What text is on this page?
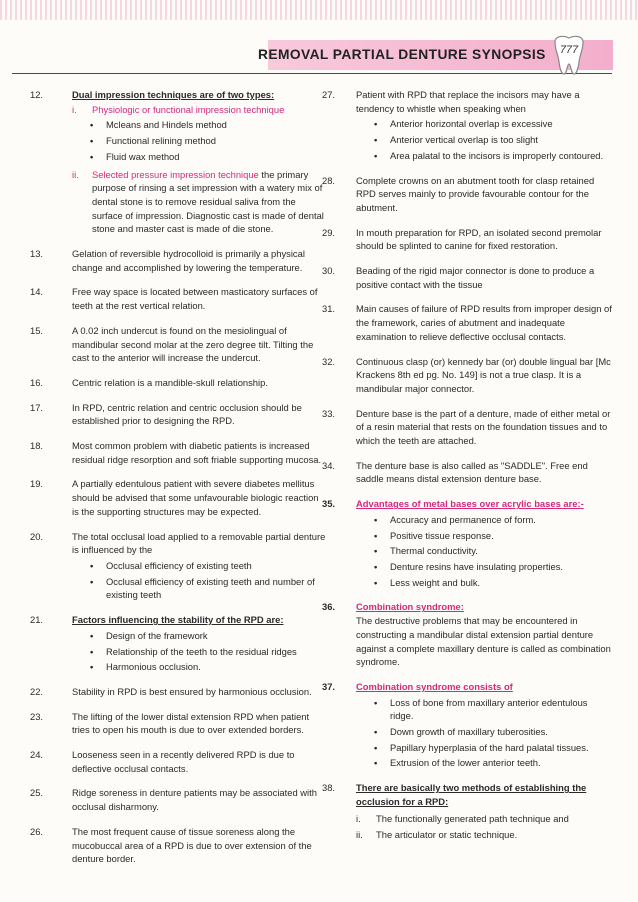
REMOVAL PARTIAL DENTURE SYNOPSIS 777
12.	Dual impression techniques are of two types:
i.	Physiologic or functional impression technique
•	Mcleans and Hindels method
•	Functional relining method
•	Fluid wax method
ii.	Selected pressure impression technique the primary purpose of rinsing a set impression with a watery mix of dental stone is to remove residual saliva from the surface of impression. Diagnostic cast is made of dental stone and master cast is made of die stone.
13.	Gelation of reversible hydrocolloid is primarily a physical change and accomplished by lowering the temperature.
14.	Free way space is located between masticatory surfaces of teeth at the rest vertical relation.
15.	A 0.02 inch undercut is found on the mesiolingual of mandibular second molar at the zero degree tilt. Tilting the cast to the anterior will increase the undercut.
16.	Centric relation is a mandible-skull relationship.
17.	In RPD, centric relation and centric occlusion should be established prior to designing the RPD.
18.	Most common problem with diabetic patients is increased residual ridge resorption and soft friable supporting mucosa.
19.	A partially edentulous patient with severe diabetes mellitus should be advised that some unfavourable biologic reaction is the supporting structures may be expected.
20.	The total occlusal load applied to a removable partial denture is influenced by the
•	Occlusal efficiency of existing teeth
•	Occlusal efficiency of existing teeth and number of existing teeth
21.	Factors influencing the stability of the RPD are:
•	Design of the framework
•	Relationship of the teeth to the residual ridges
•	Harmonious occlusion.
22.	Stability in RPD is best ensured by harmonious occlusion.
23.	The lifting of the lower distal extension RPD when patient tries to open his mouth is due to over extended borders.
24.	Looseness seen in a recently delivered RPD is due to deflective occlusal contacts.
25.	Ridge soreness in denture patients may be associated with occlusal disharmony.
26.	The most frequent cause of tissue soreness along the mucobuccal area of a RPD is due to over extension of the denture border.
27.	Patient with RPD that replace the incisors may have a tendency to whistle when speaking when
•	Anterior horizontal overlap is excessive
•	Anterior vertical overlap is too slight
•	Area palatal to the incisors is improperly contoured.
28.	Complete crowns on an abutment tooth for clasp retained RPD serves mainly to provide favourable contour for the abutment.
29.	In mouth preparation for RPD, an isolated second premolar should be splinted to canine for fixed restoration.
30.	Beading of the rigid major connector is done to produce a positive contact with the tissue
31.	Main causes of failure of RPD results from improper design of the framework, caries of abutment and inadequate examination to relieve deflective occlusal contacts.
32.	Continuous clasp (or) kennedy bar (or) double lingual bar [Mc Krackens 8th ed pg. No. 149] is not a true clasp. It is a mandibular major connector.
33.	Denture base is the part of a denture, made of either metal or of a resin material that rests on the foundation tissues and to which the teeth are attached.
34.	The denture base is also called as "SADDLE". Free end saddle means distal extension denture base.
35.	Advantages of metal bases over acrylic bases are:-
•	Accuracy and permanence of form.
•	Positive tissue response.
•	Thermal conductivity.
•	Denture resins have insulating properties.
•	Less weight and bulk.
36.	Combination syndrome:
The destructive problems that may be encountered in constructing a mandibular distal extension partial denture against a complete maxillary denture is called as combination syndrome.
37.	Combination syndrome consists of
•	Loss of bone from maxillary anterior edentulous ridge.
•	Down growth of maxillary tuberosities.
•	Papillary hyperplasia of the hard palatal tissues.
•	Extrusion of the lower anterior teeth.
38.	There are basically two methods of establishing the occlusion for a RPD:
i.	The functionally generated path technique and
ii.	The articulator or static technique.
